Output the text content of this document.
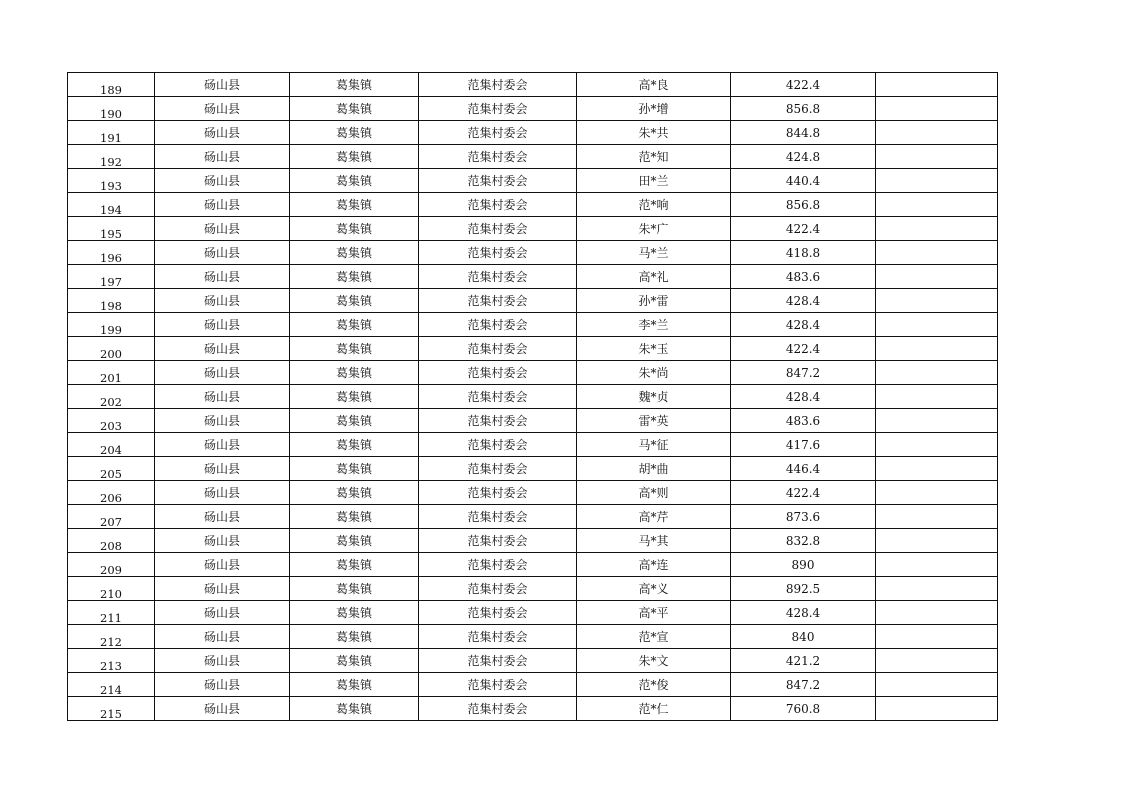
189	砀山县	葛集镇	范集村委会	高*良	422.4	
190	砀山县	葛集镇	范集村委会	孙*增	856.8	
191	砀山县	葛集镇	范集村委会	朱*共	844.8	
192	砀山县	葛集镇	范集村委会	范*知	424.8	
193	砀山县	葛集镇	范集村委会	田*兰	440.4	
194	砀山县	葛集镇	范集村委会	范*响	856.8	
195	砀山县	葛集镇	范集村委会	朱*广	422.4	
196	砀山县	葛集镇	范集村委会	马*兰	418.8	
197	砀山县	葛集镇	范集村委会	高*礼	483.6	
198	砀山县	葛集镇	范集村委会	孙*雷	428.4	
199	砀山县	葛集镇	范集村委会	李*兰	428.4	
200	砀山县	葛集镇	范集村委会	朱*玉	422.4	
201	砀山县	葛集镇	范集村委会	朱*尚	847.2	
202	砀山县	葛集镇	范集村委会	魏*贞	428.4	
203	砀山县	葛集镇	范集村委会	雷*英	483.6	
204	砀山县	葛集镇	范集村委会	马*征	417.6	
205	砀山县	葛集镇	范集村委会	胡*曲	446.4	
206	砀山县	葛集镇	范集村委会	高*则	422.4	
207	砀山县	葛集镇	范集村委会	高*芹	873.6	
208	砀山县	葛集镇	范集村委会	马*其	832.8	
209	砀山县	葛集镇	范集村委会	高*连	890	
210	砀山县	葛集镇	范集村委会	高*义	892.5	
211	砀山县	葛集镇	范集村委会	高*平	428.4	
212	砀山县	葛集镇	范集村委会	范*宣	840	
213	砀山县	葛集镇	范集村委会	朱*文	421.2	
214	砀山县	葛集镇	范集村委会	范*俊	847.2	
215	砀山县	葛集镇	范集村委会	范*仁	760.8	
